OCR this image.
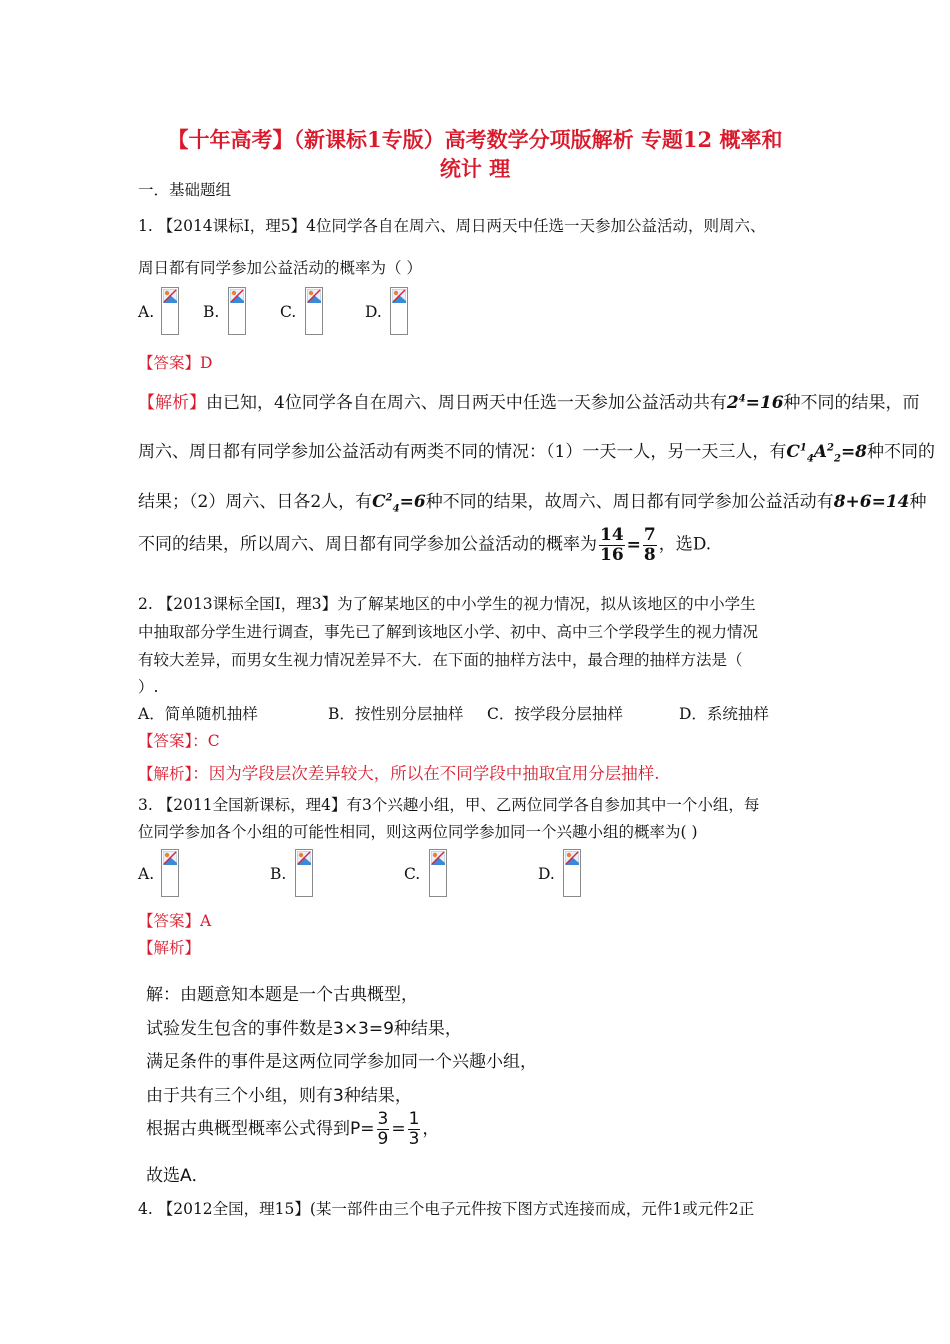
【十年高考】（新课标1专版）高考数学分项版解析 专题12 概率和
统计 理
一．基础题组
1. 【2014课标Ⅰ，理5】4位同学各自在周六、周日两天中任选一天参加公益活动，则周六、
周日都有同学参加公益活动的概率为（ ）
A.	B.	C.	D.
【答案】D
【解析】由已知，4位同学各自在周六、周日两天中任选一天参加公益活动共有$2^4=16$种不同的结果，而
周六、周日都有同学参加公益活动有两类不同的情况：（1）一天一人，另一天三人，有$C^1_4A^2_2=8$种不同的
结果；（2）周六、日各2人，有$C^2_4=6$种不同的结果，故周六、周日都有同学参加公益活动有8+6=14种
不同的结果，所以周六、周日都有同学参加公益活动的概率为 $\frac{14}{16} = \frac{7}{8}$ ，选D.
2. 【2013课标全国Ⅰ，理3】为了解某地区的中小学生的视力情况，拟从该地区的中小学生
中抽取部分学生进行调查，事先已了解到该地区小学、初中、高中三个学段学生的视力情况
有较大差异，而男女生视力情况差异不大．在下面的抽样方法中，最合理的抽样方法是（
）.
A．简单随机抽样	B．按性别分层抽样 C．按学段分层抽样	D．系统抽样
【答案】：C
【解析】：因为学段层次差异较大，所以在不同学段中抽取宜用分层抽样.
3. 【2011全国新课标，理4】有3个兴趣小组，甲、乙两位同学各自参加其中一个小组，每
位同学参加各个小组的可能性相同，则这两位同学参加同一个兴趣小组的概率为( )
A.	B.	C.	D.
【答案】A
【解析】
解：由题意知本题是一个古典概型，
试验发生包含的事件数是3×3=9种结果，
满足条件的事件是这两位同学参加同一个兴趣小组，
由于共有三个小组，则有3种结果，
根据古典概型概率公式得到$P= \frac{3}{9} = \frac{1}{3}$ ，
故选A．
4. 【2012全国，理15】(某一部件由三个电子元件按下图方式连接而成，元件1或元件2正
